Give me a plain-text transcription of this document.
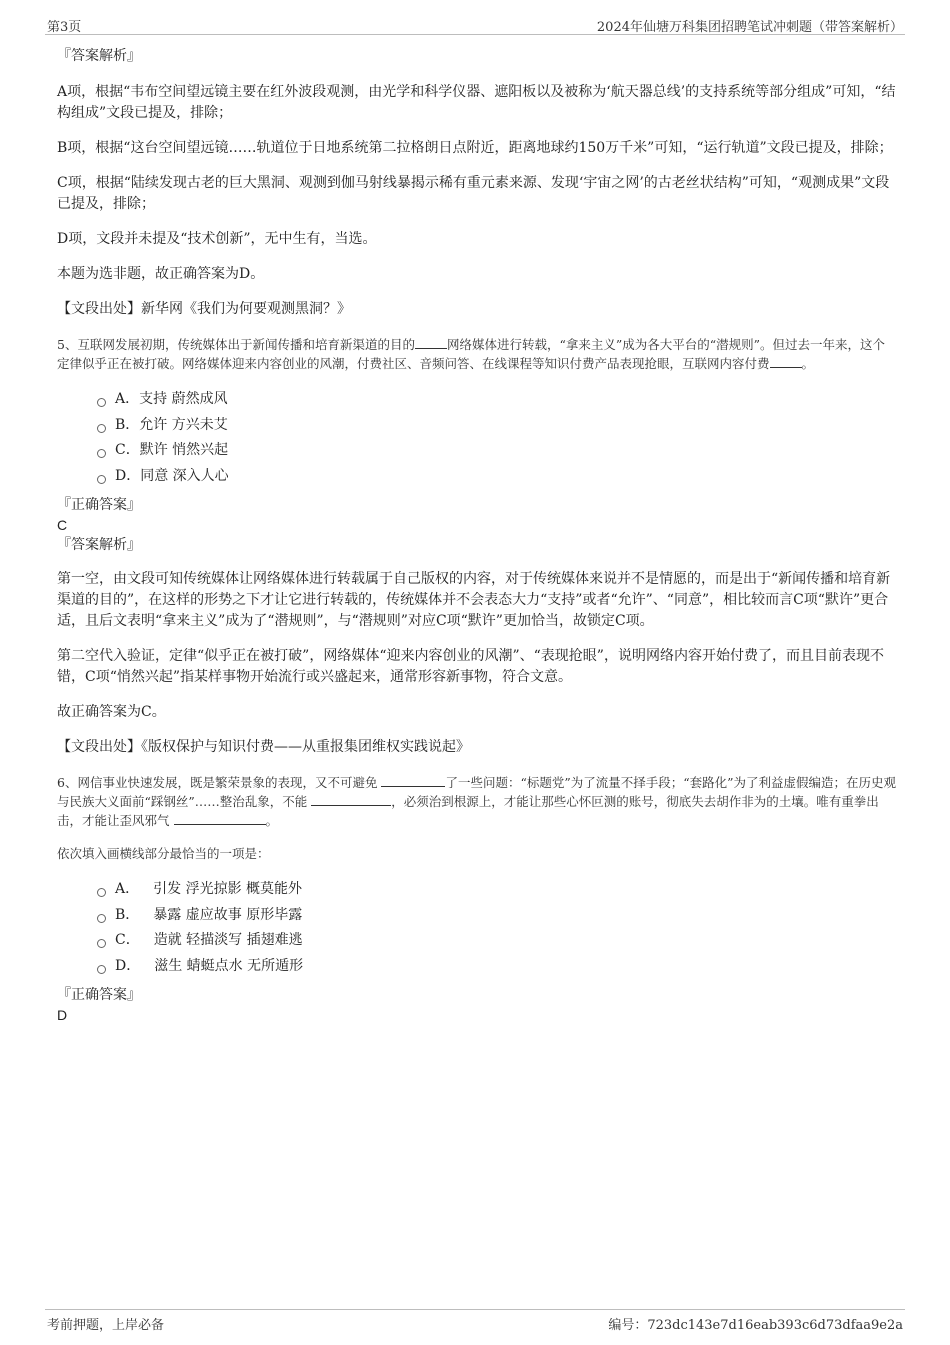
第3页	2024年仙塘万科集团招聘笔试冲刺题（带答案解析）
『答案解析』

A项，根据“韦布空间望远镜主要在红外波段观测，由光学和科学仪器、遮阳板以及被称为‘航天器总线’的支持系统等部分组成”可知，“结构组成”文段已提及，排除；

B项，根据“这台空间望远镜……轨道位于日地系统第二拉格朗日点附近，距离地球约150万千米”可知，“运行轨道”文段已提及，排除；

C项，根据“陆续发现古老的巨大黑洞、观测到伽马射线暴揭示稀有重元素来源、发现‘宇宙之网’的古老丝状结构”可知，“观测成果”文段已提及，排除；

D项，文段并未提及“技术创新”，无中生有，当选。

本题为选非题，故正确答案为D。

【文段出处】新华网《我们为何要观测黑洞？》

5、互联网发展初期，传统媒体出于新闻传播和培育新渠道的目的	网络媒体进行转载，“拿来主义”成为各大平台的“潜规则”。但过去一年来，这个定律似乎正在被打破。网络媒体迎来内容创业的风潮，付费社区、音频问答、在线课程等知识付费产品表现抢眼，互联网内容付费	。

A． 支持 蔚然成风
B． 允许 方兴未艾
C． 默许 悄然兴起
D． 同意 深入人心
『正确答案』
C
『答案解析』

第一空，由文段可知传统媒体让网络媒体进行转载属于自己版权的内容，对于传统媒体来说并不是情愿的，而是出于“新闻传播和培育新渠道的目的”，在这样的形势之下才让它进行转载的，传统媒体并不会表态大力“支持”或者“允许”、“同意”，相比较而言C项“默许”更合适，且后文表明“拿来主义”成为了“潜规则”，与“潜规则”对应C项“默许”更加恰当，故锁定C项。

第二空代入验证，定律“似乎正在被打破”，网络媒体“迎来内容创业的风潮”、“表现抢眼”，说明网络内容开始付费了，而且目前表现不错，C项“悄然兴起”指某样事物开始流行或兴盛起来，通常形容新事物，符合文意。

故正确答案为C。

【文段出处】《版权保护与知识付费——从重报集团维权实践说起》

6、网信事业快速发展，既是繁荣景象的表现，又不可避免	了一些问题：“标题党”为了流量不择手段；“套路化”为了利益虚假编造；在历史观与民族大义面前“踩钢丝”……整治乱象，不能	，必须治到根源上，才能让那些心怀叵测的账号，彻底失去胡作非为的土壤。唯有重拳出击，才能让歪风邪气	。

依次填入画横线部分最恰当的一项是：

A． 引发 浮光掠影 概莫能外
B． 暴露 虚应故事 原形毕露
C． 造就 轻描淡写 插翅难逃
D． 滋生 蜻蜓点水 无所遁形
『正确答案』
D
考前押题，上岸必备	编号：723dc143e7d16eab393c6d73dfaa9e2a
